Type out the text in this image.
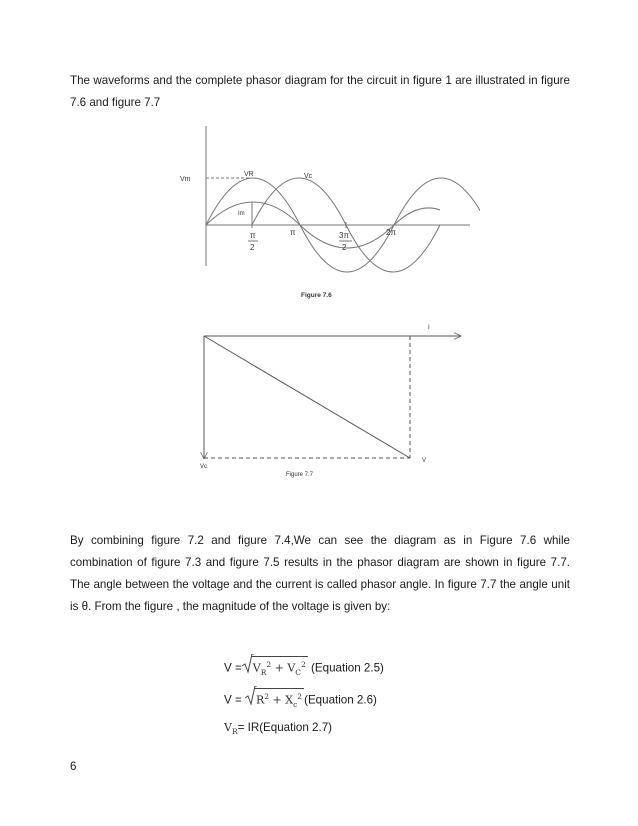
The waveforms and the complete phasor diagram for the circuit in figure 1 are illustrated in figure 7.6 and figure 7.7

Vm
VR	Vc
Im
π
2
π	3π
2
2π
Figure 7.6
I
Vc
V
Figure 7.7

By combining figure 7.2 and figure 7.4,We can see the diagram as in Figure 7.6 while combination of figure 7.3 and figure 7.5 results in the phasor diagram are shown in figure 7.7. The angle between the voltage and the current is called phasor angle. In figure 7.7 the angle unit is θ. From the figure , the magnitude of the voltage is given by:

$V = V_R^2 + V_C^2$ (Equation 2.5)
V =
$R^2 + X_c^2$ (Equation 2.6)
$V_R=$ IR(Equation 2.7)
6
